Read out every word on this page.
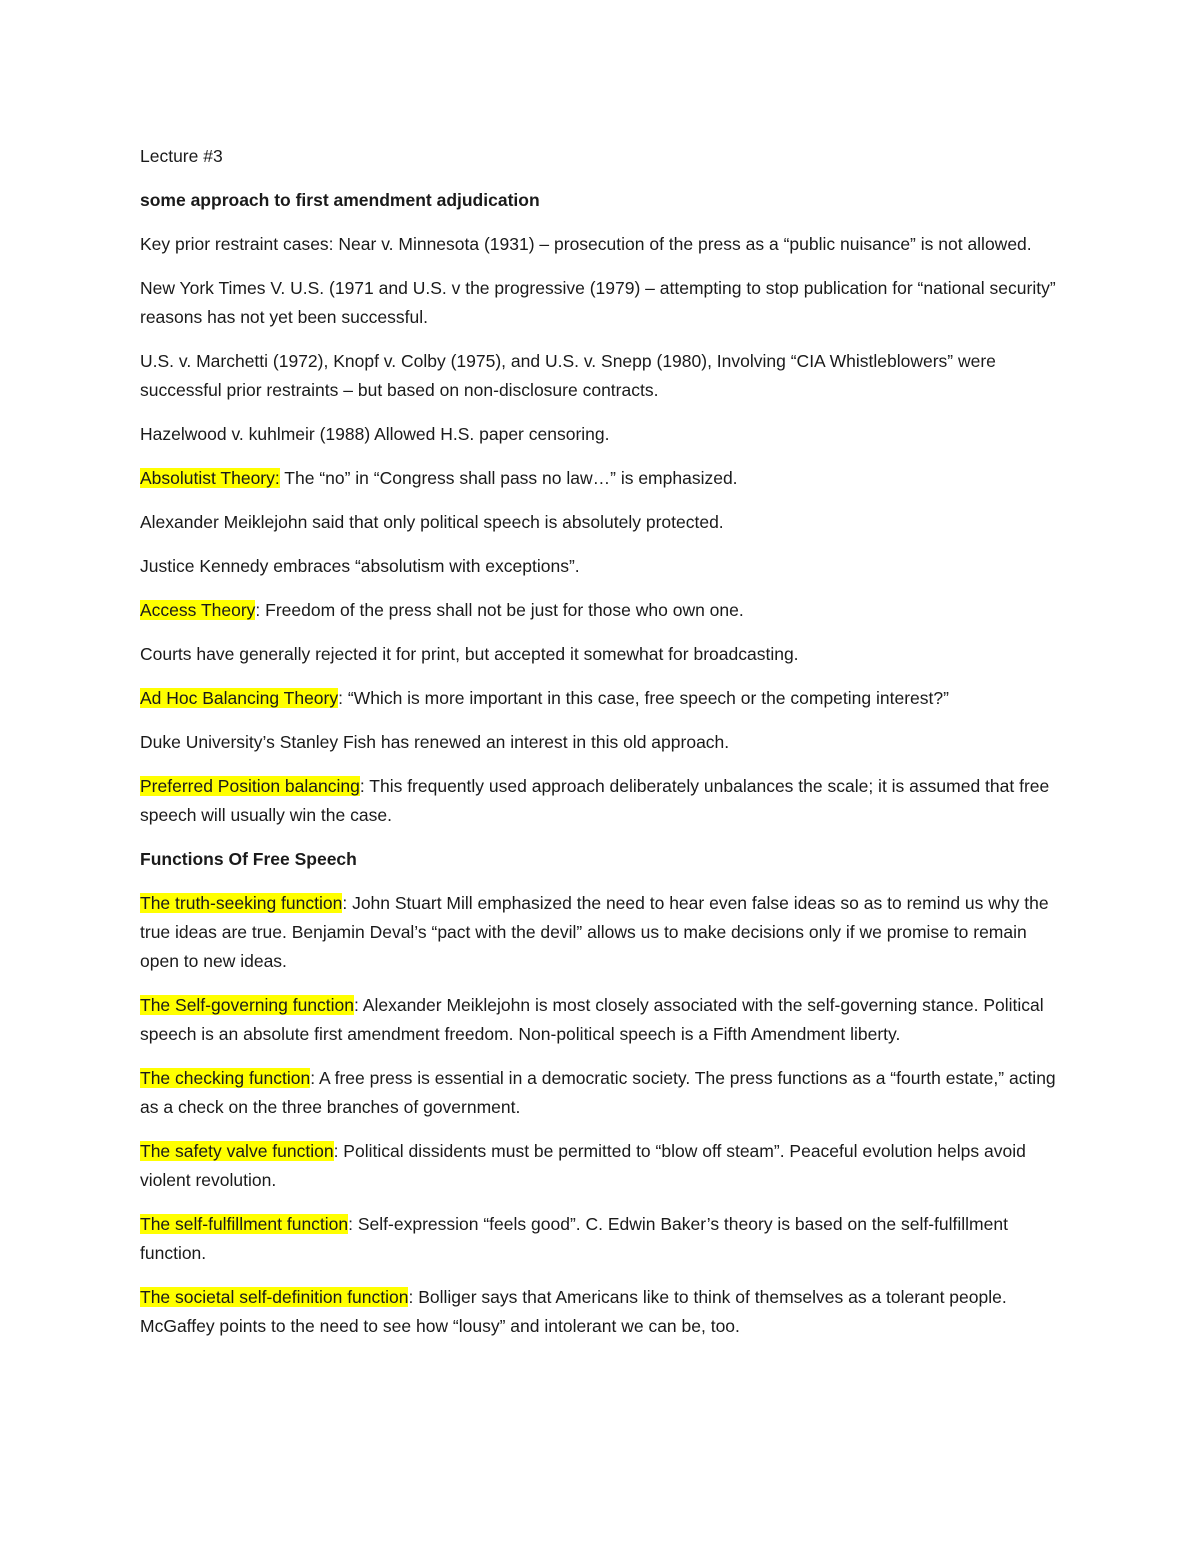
Lecture #3

some approach to first amendment adjudication

Key prior restraint cases: Near v. Minnesota (1931) – prosecution of the press as a “public nuisance” is not allowed.

New York Times V. U.S. (1971 and U.S. v the progressive (1979) – attempting to stop publication for “national security” reasons has not yet been successful.

U.S. v. Marchetti (1972), Knopf v. Colby (1975), and U.S. v. Snepp (1980), Involving “CIA Whistleblowers” were successful prior restraints – but based on non-disclosure contracts.

Hazelwood v. kuhlmeir (1988) Allowed H.S. paper censoring.

Absolutist Theory: The “no” in “Congress shall pass no law…” is emphasized.

Alexander Meiklejohn said that only political speech is absolutely protected.

Justice Kennedy embraces “absolutism with exceptions”.

Access Theory: Freedom of the press shall not be just for those who own one.

Courts have generally rejected it for print, but accepted it somewhat for broadcasting.

Ad Hoc Balancing Theory: “Which is more important in this case, free speech or the competing interest?”

Duke University’s Stanley Fish has renewed an interest in this old approach.

Preferred Position balancing: This frequently used approach deliberately unbalances the scale; it is assumed that free speech will usually win the case.

Functions Of Free Speech

The truth-seeking function: John Stuart Mill emphasized the need to hear even false ideas so as to remind us why the true ideas are true. Benjamin Deval’s “pact with the devil” allows us to make decisions only if we promise to remain open to new ideas.

The Self-governing function: Alexander Meiklejohn is most closely associated with the self-governing stance. Political speech is an absolute first amendment freedom. Non-political speech is a Fifth Amendment liberty.

The checking function: A free press is essential in a democratic society. The press functions as a “fourth estate,” acting as a check on the three branches of government.

The safety valve function: Political dissidents must be permitted to “blow off steam”. Peaceful evolution helps avoid violent revolution.

The self-fulfillment function: Self-expression “feels good”. C. Edwin Baker’s theory is based on the self-fulfillment function.

The societal self-definition function: Bolliger says that Americans like to think of themselves as a tolerant people. McGaffey points to the need to see how “lousy” and intolerant we can be, too.
